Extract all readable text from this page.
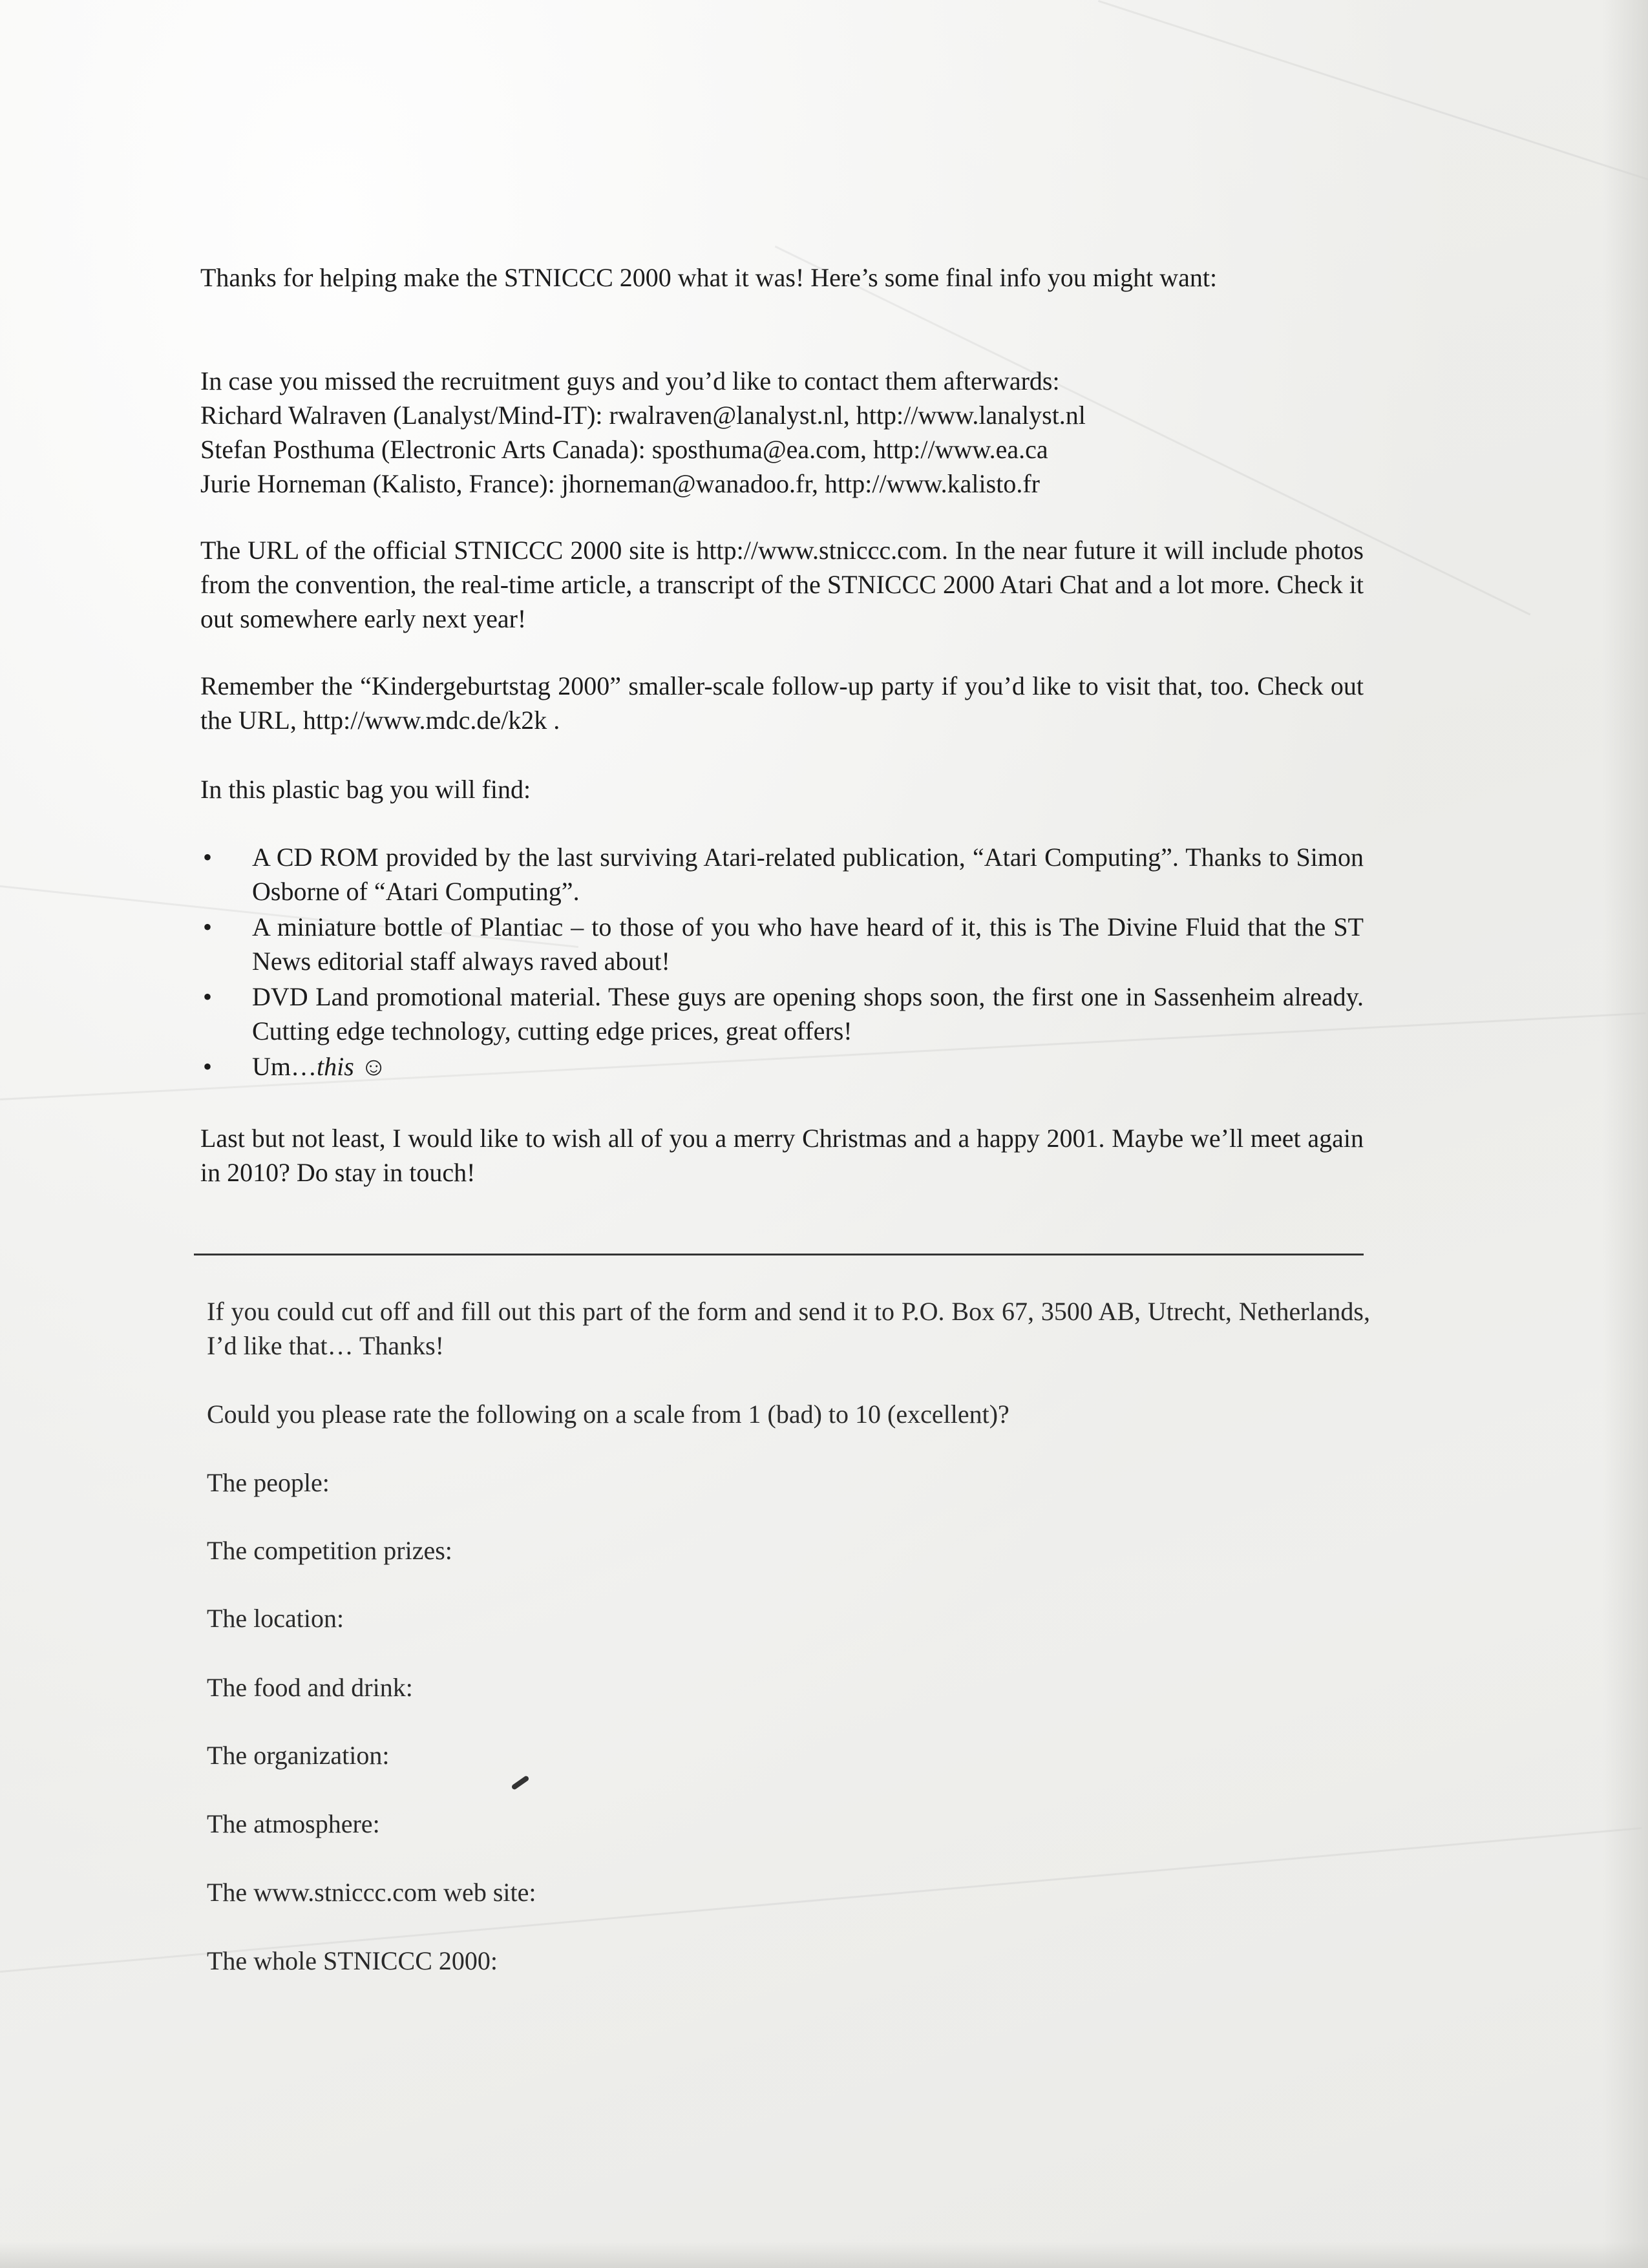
Thanks for helping make the STNICCC 2000 what it was! Here’s some final info you might want:
In case you missed the recruitment guys and you’d like to contact them afterwards:
Richard Walraven (Lanalyst/Mind-IT): rwalraven@lanalyst.nl, http://www.lanalyst.nl
Stefan Posthuma (Electronic Arts Canada): sposthuma@ea.com, http://www.ea.ca
Jurie Horneman (Kalisto, France): jhorneman@wanadoo.fr, http://www.kalisto.fr
The URL of the official STNICCC 2000 site is http://www.stniccc.com. In the near future it will include photos from the convention, the real-time article, a transcript of the STNICCC 2000 Atari Chat and a lot more. Check it out somewhere early next year!
Remember the “Kindergeburtstag 2000” smaller-scale follow-up party if you’d like to visit that, too. Check out the URL, http://www.mdc.de/k2k .
In this plastic bag you will find:
• A CD ROM provided by the last surviving Atari-related publication, “Atari Computing”. Thanks to Simon Osborne of “Atari Computing”.
• A miniature bottle of Plantiac – to those of you who have heard of it, this is The Divine Fluid that the ST News editorial staff always raved about!
• DVD Land promotional material. These guys are opening shops soon, the first one in Sassenheim already. Cutting edge technology, cutting edge prices, great offers!
• Um…this ☺
Last but not least, I would like to wish all of you a merry Christmas and a happy 2001. Maybe we’ll meet again in 2010? Do stay in touch!
If you could cut off and fill out this part of the form and send it to P.O. Box 67, 3500 AB, Utrecht, Netherlands, I’d like that… Thanks!
Could you please rate the following on a scale from 1 (bad) to 10 (excellent)?
The people:
The competition prizes:
The location:
The food and drink:
The organization:
The atmosphere:
The www.stniccc.com web site:
The whole STNICCC 2000:
